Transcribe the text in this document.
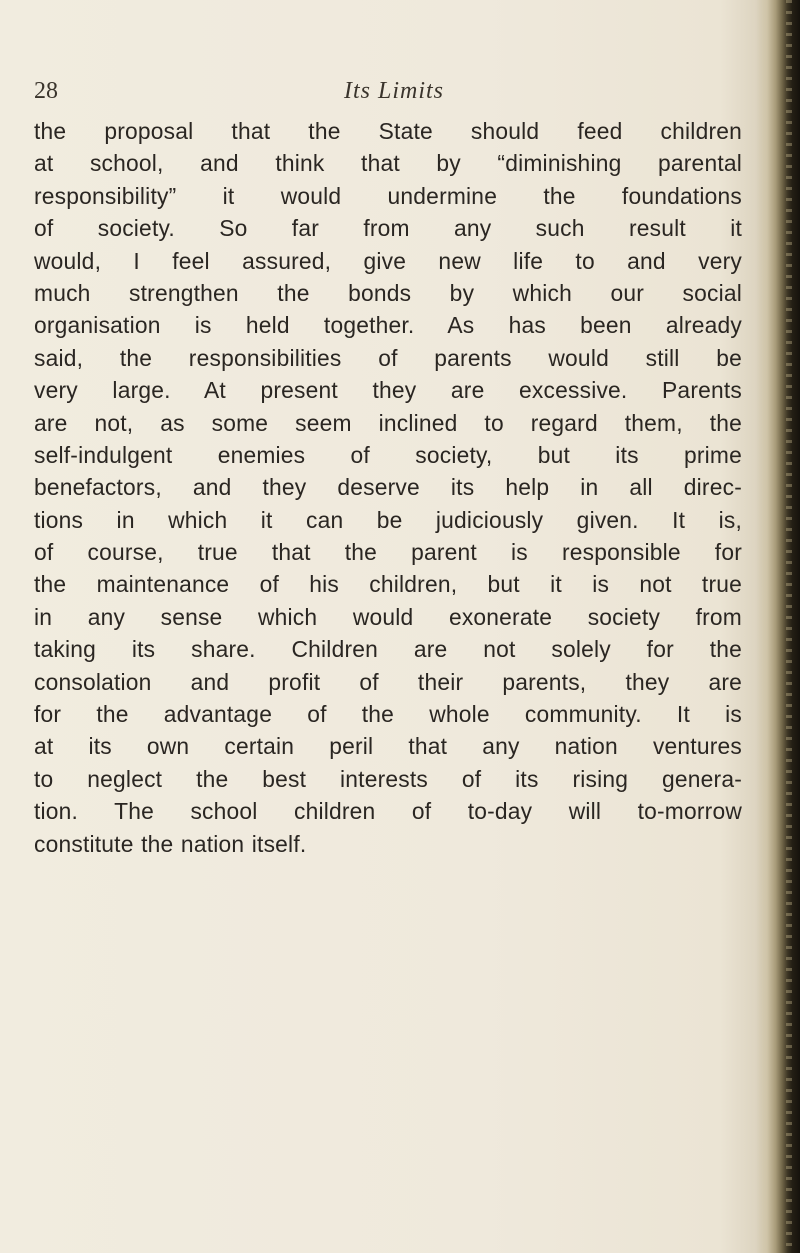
28	Its Limits
the proposal that the State should feed children
at school, and think that by “diminishing parental
responsibility” it would undermine the foundations
of society. So far from any such result it
would, I feel assured, give new life to and very
much strengthen the bonds by which our social
organisation is held together. As has been already
said, the responsibilities of parents would still be
very large. At present they are excessive. Parents
are not, as some seem inclined to regard them, the
self-indulgent enemies of society, but its prime
benefactors, and they deserve its help in all direc-
tions in which it can be judiciously given. It is,
of course, true that the parent is responsible for
the maintenance of his children, but it is not true
in any sense which would exonerate society from
taking its share. Children are not solely for the
consolation and profit of their parents, they are
for the advantage of the whole community. It is
at its own certain peril that any nation ventures
to neglect the best interests of its rising genera-
tion. The school children of to-day will to-morrow
constitute the nation itself.
